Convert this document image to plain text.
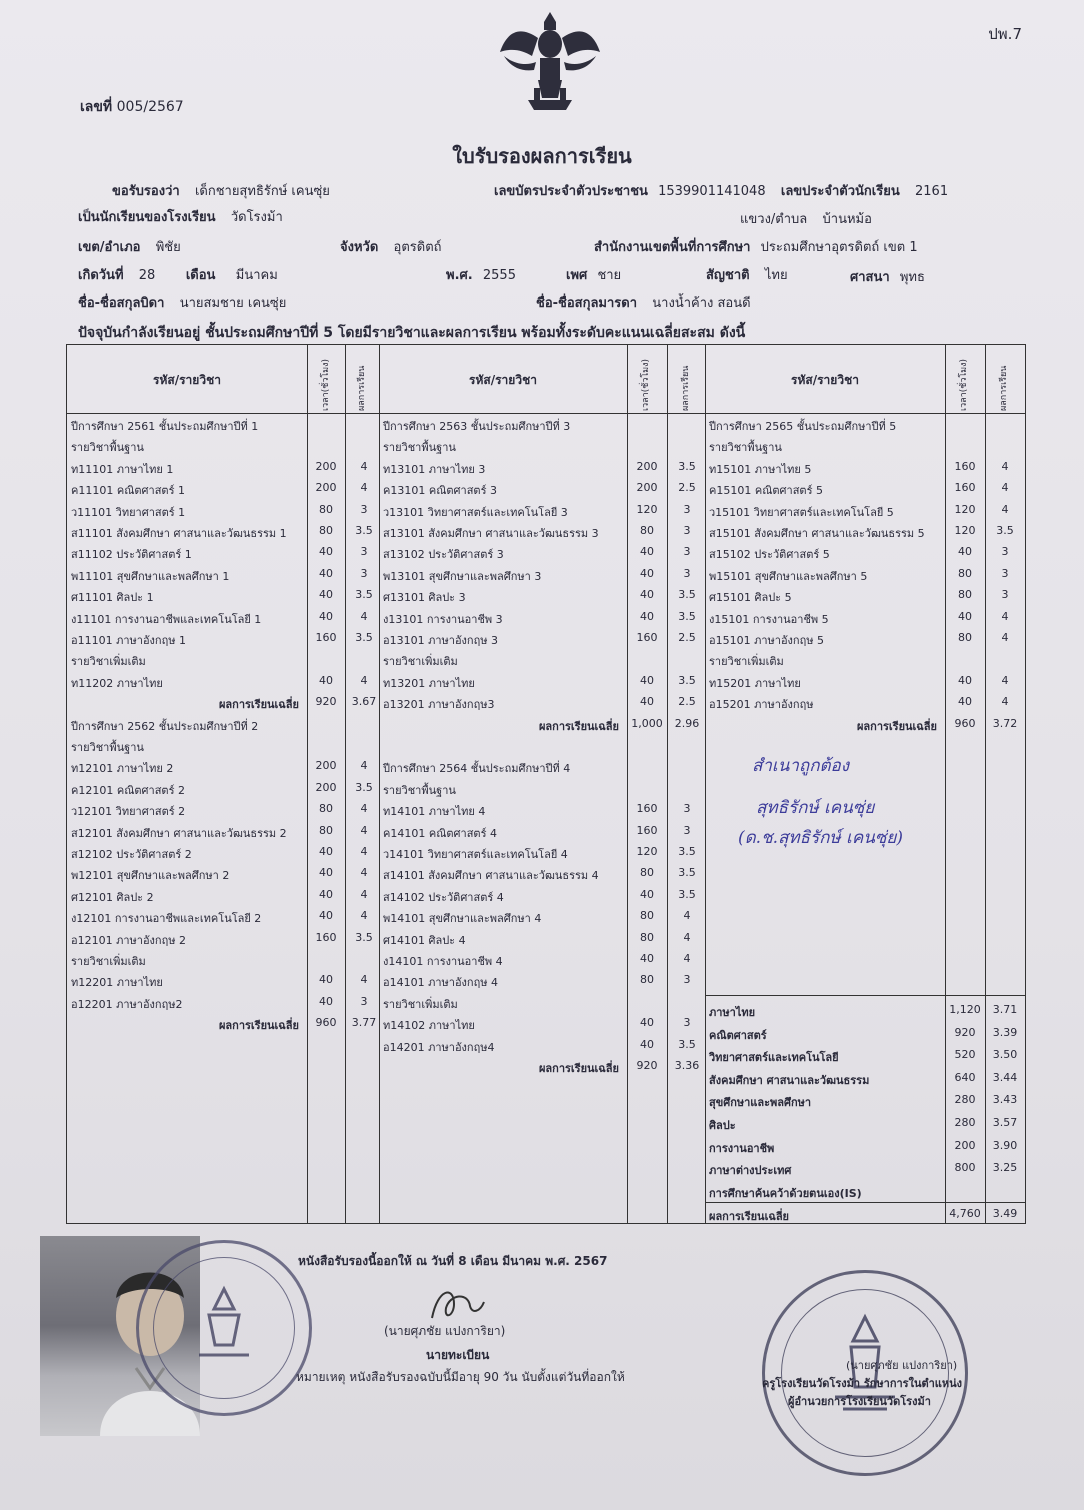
ปพ.7
เลขที่ 005/2567
ใบรับรองผลการเรียน
ขอรับรองว่า เด็กชายสุทธิรักษ์ เคนซุ่ย	เลขบัตรประจำตัวประชาชน 1539901141048 เลขประจำตัวนักเรียน 2161
เป็นนักเรียนของโรงเรียน วัดโรงม้า	แขวง/ตำบล บ้านหม้อ
เขต/อำเภอ พิชัย	จังหวัด อุตรดิตถ์	สำนักงานเขตพื้นที่การศึกษา ประถมศึกษาอุตรดิตถ์ เขต 1
เกิดวันที่ 28 เดือน มีนาคม	พ.ศ. 2555	เพศ ชาย	สัญชาติ ไทย	ศาสนา พุทธ
ชื่อ-ชื่อสกุลบิดา นายสมชาย เคนซุ่ย	ชื่อ-ชื่อสกุลมารดา นางน้ำค้าง สอนดี
ปัจจุบันกำลังเรียนอยู่ ชั้นประถมศึกษาปีที่ 5 โดยมีรายวิชาและผลการเรียน พร้อมทั้งระดับคะแนนเฉลี่ยสะสม ดังนี้
รหัส/รายวิชา	เวลา(ชั่วโมง)	ผลการเรียน	รหัส/รายวิชา	เวลา(ชั่วโมง)	ผลการเรียน	รหัส/รายวิชา	เวลา(ชั่วโมง)	ผลการเรียน
ปีการศึกษา 2561 ชั้นประถมศึกษาปีที่ 1
รายวิชาพื้นฐาน
ท11101 ภาษาไทย 1	200	4
ค11101 คณิตศาสตร์ 1	200	4
ว11101 วิทยาศาสตร์ 1	80	3
ส11101 สังคมศึกษา ศาสนาและวัฒนธรรม 1	80	3.5
ส11102 ประวัติศาสตร์ 1	40	3
พ11101 สุขศึกษาและพลศึกษา 1	40	3
ศ11101 ศิลปะ 1	40	3.5
ง11101 การงานอาชีพและเทคโนโลยี 1	40	4
อ11101 ภาษาอังกฤษ 1	160	3.5
รายวิชาเพิ่มเติม
ท11202 ภาษาไทย	40	4
ผลการเรียนเฉลี่ย	920	3.67
ปีการศึกษา 2562 ชั้นประถมศึกษาปีที่ 2
รายวิชาพื้นฐาน
ท12101 ภาษาไทย 2	200	4
ค12101 คณิตศาสตร์ 2	200	3.5
ว12101 วิทยาศาสตร์ 2	80	4
ส12101 สังคมศึกษา ศาสนาและวัฒนธรรม 2	80	4
ส12102 ประวัติศาสตร์ 2	40	4
พ12101 สุขศึกษาและพลศึกษา 2	40	4
ศ12101 ศิลปะ 2	40	4
ง12101 การงานอาชีพและเทคโนโลยี 2	40	4
อ12101 ภาษาอังกฤษ 2	160	3.5
รายวิชาเพิ่มเติม
ท12201 ภาษาไทย	40	4
อ12201 ภาษาอังกฤษ2	40	3
ผลการเรียนเฉลี่ย	960	3.77
ปีการศึกษา 2563 ชั้นประถมศึกษาปีที่ 3
รายวิชาพื้นฐาน
ท13101 ภาษาไทย 3	200	3.5
ค13101 คณิตศาสตร์ 3	200	2.5
ว13101 วิทยาศาสตร์และเทคโนโลยี 3	120	3
ส13101 สังคมศึกษา ศาสนาและวัฒนธรรม 3	80	3
ส13102 ประวัติศาสตร์ 3	40	3
พ13101 สุขศึกษาและพลศึกษา 3	40	3
ศ13101 ศิลปะ 3	40	3.5
ง13101 การงานอาชีพ 3	40	3.5
อ13101 ภาษาอังกฤษ 3	160	2.5
รายวิชาเพิ่มเติม
ท13201 ภาษาไทย	40	3.5
อ13201 ภาษาอังกฤษ3	40	2.5
ผลการเรียนเฉลี่ย	1,000	2.96
ปีการศึกษา 2564 ชั้นประถมศึกษาปีที่ 4
รายวิชาพื้นฐาน
ท14101 ภาษาไทย 4	160	3
ค14101 คณิตศาสตร์ 4	160	3
ว14101 วิทยาศาสตร์และเทคโนโลยี 4	120	3.5
ส14101 สังคมศึกษา ศาสนาและวัฒนธรรม 4	80	3.5
ส14102 ประวัติศาสตร์ 4	40	3.5
พ14101 สุขศึกษาและพลศึกษา 4	80	4
ศ14101 ศิลปะ 4	80	4
ง14101 การงานอาชีพ 4	40	4
อ14101 ภาษาอังกฤษ 4	80	3
รายวิชาเพิ่มเติม
ท14102 ภาษาไทย	40	3
อ14201 ภาษาอังกฤษ4	40	3.5
ผลการเรียนเฉลี่ย	920	3.36
ปีการศึกษา 2565 ชั้นประถมศึกษาปีที่ 5
รายวิชาพื้นฐาน
ท15101 ภาษาไทย 5	160	4
ค15101 คณิตศาสตร์ 5	160	4
ว15101 วิทยาศาสตร์และเทคโนโลยี 5	120	4
ส15101 สังคมศึกษา ศาสนาและวัฒนธรรม 5	120	3.5
ส15102 ประวัติศาสตร์ 5	40	3
พ15101 สุขศึกษาและพลศึกษา 5	80	3
ศ15101 ศิลปะ 5	80	3
ง15101 การงานอาชีพ 5	40	4
อ15101 ภาษาอังกฤษ 5	80	4
รายวิชาเพิ่มเติม
ท15201 ภาษาไทย	40	4
อ15201 ภาษาอังกฤษ	40	4
ผลการเรียนเฉลี่ย	960	3.72
ภาษาไทย	1,120	3.71
คณิตศาสตร์	920	3.39
วิทยาศาสตร์และเทคโนโลยี	520	3.50
สังคมศึกษา ศาสนาและวัฒนธรรม	640	3.44
สุขศึกษาและพลศึกษา	280	3.43
ศิลปะ	280	3.57
การงานอาชีพ	200	3.90
ภาษาต่างประเทศ	800	3.25
การศึกษาค้นคว้าด้วยตนเอง(IS)
ผลการเรียนเฉลี่ย	4,760	3.49
สำเนาถูกต้อง
สุทธิรักษ์ เคนซุ่ย
(ด.ช.สุทธิรักษ์ เคนซุ่ย)
หนังสือรับรองนี้ออกให้ ณ วันที่ 8 เดือน มีนาคม พ.ศ. 2567
(นายศุภชัย แปงการิยา)
นายทะเบียน
หมายเหตุ หนังสือรับรองฉบับนี้มีอายุ 90 วัน นับตั้งแต่วันที่ออกให้
(นายศุภชัย แปงการิยา)
ครูโรงเรียนวัดโรงม้า รักษาการในตำแหน่ง
ผู้อำนวยการโรงเรียนวัดโรงม้า
